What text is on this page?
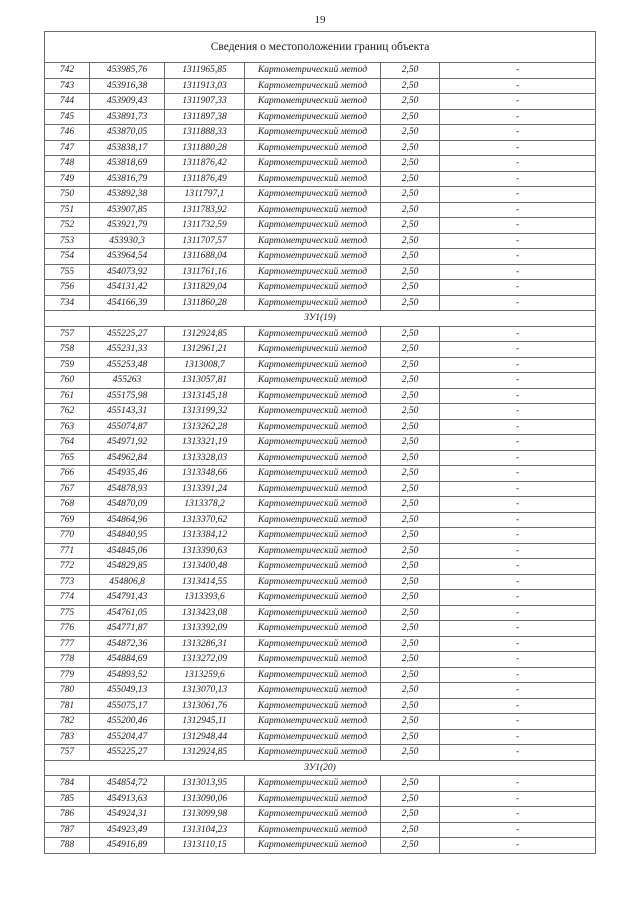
19
Сведения о местоположении границ объекта					
742	453985,76	1311965,85	Картометрический метод	2,50	-
743	453916,38	1311913,03	Картометрический метод	2,50	-
744	453909,43	1311907,33	Картометрический метод	2,50	-
745	453891,73	1311897,38	Картометрический метод	2,50	-
746	453870,05	1311888,33	Картометрический метод	2,50	-
747	453838,17	1311880,28	Картометрический метод	2,50	-
748	453818,69	1311876,42	Картометрический метод	2,50	-
749	453816,79	1311876,49	Картометрический метод	2,50	-
750	453892,38	1311797,1	Картометрический метод	2,50	-
751	453907,85	1311783,92	Картометрический метод	2,50	-
752	453921,79	1311732,59	Картометрический метод	2,50	-
753	453930,3	1311707,57	Картометрический метод	2,50	-
754	453964,54	1311688,04	Картометрический метод	2,50	-
755	454073,92	1311761,16	Картометрический метод	2,50	-
756	454131,42	1311829,04	Картометрический метод	2,50	-
734	454166,39	1311860,28	Картометрический метод	2,50	-
ЗУ1(19)					
757	455225,27	1312924,85	Картометрический метод	2,50	-
758	455231,33	1312961,21	Картометрический метод	2,50	-
759	455253,48	1313008,7	Картометрический метод	2,50	-
760	455263	1313057,81	Картометрический метод	2,50	-
761	455175,98	1313145,18	Картометрический метод	2,50	-
762	455143,31	1313199,32	Картометрический метод	2,50	-
763	455074,87	1313262,28	Картометрический метод	2,50	-
764	454971,92	1313321,19	Картометрический метод	2,50	-
765	454962,84	1313328,03	Картометрический метод	2,50	-
766	454935,46	1313348,66	Картометрический метод	2,50	-
767	454878,93	1313391,24	Картометрический метод	2,50	-
768	454870,09	1313378,2	Картометрический метод	2,50	-
769	454864,96	1313370,62	Картометрический метод	2,50	-
770	454840,95	1313384,12	Картометрический метод	2,50	-
771	454845,06	1313390,63	Картометрический метод	2,50	-
772	454829,85	1313400,48	Картометрический метод	2,50	-
773	454806,8	1313414,55	Картометрический метод	2,50	-
774	454791,43	1313393,6	Картометрический метод	2,50	-
775	454761,05	1313423,08	Картометрический метод	2,50	-
776	454771,87	1313392,09	Картометрический метод	2,50	-
777	454872,36	1313286,31	Картометрический метод	2,50	-
778	454884,69	1313272,09	Картометрический метод	2,50	-
779	454893,52	1313259,6	Картометрический метод	2,50	-
780	455049,13	1313070,13	Картометрический метод	2,50	-
781	455075,17	1313061,76	Картометрический метод	2,50	-
782	455200,46	1312945,11	Картометрический метод	2,50	-
783	455204,47	1312948,44	Картометрический метод	2,50	-
757	455225,27	1312924,85	Картометрический метод	2,50	-
ЗУ1(20)					
784	454854,72	1313013,95	Картометрический метод	2,50	-
785	454913,63	1313090,06	Картометрический метод	2,50	-
786	454924,31	1313099,98	Картометрический метод	2,50	-
787	454923,49	1313104,23	Картометрический метод	2,50	-
788	454916,89	1313110,15	Картометрический метод	2,50	-
